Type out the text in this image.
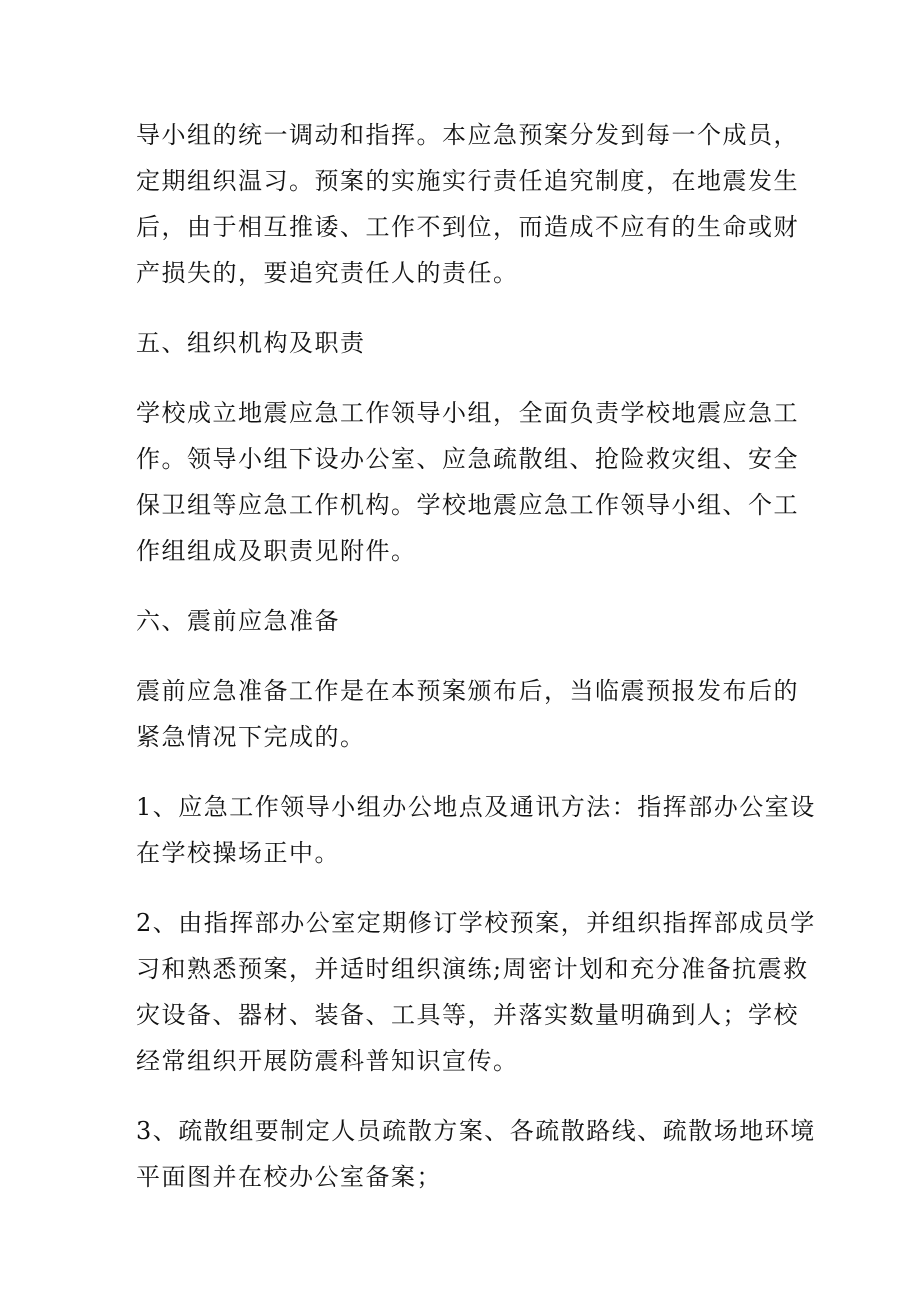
导小组的统一调动和指挥。本应急预案分发到每一个成员，
定期组织温习。预案的实施实行责任追究制度，在地震发生
后，由于相互推诿、工作不到位，而造成不应有的生命或财
产损失的，要追究责任人的责任。

五、组织机构及职责

学校成立地震应急工作领导小组，全面负责学校地震应急工
作。领导小组下设办公室、应急疏散组、抢险救灾组、安全
保卫组等应急工作机构。学校地震应急工作领导小组、个工
作组组成及职责见附件。

六、震前应急准备

震前应急准备工作是在本预案颁布后，当临震预报发布后的
紧急情况下完成的。

1、应急工作领导小组办公地点及通讯方法：指挥部办公室设
在学校操场正中。

2、由指挥部办公室定期修订学校预案，并组织指挥部成员学
习和熟悉预案，并适时组织演练;周密计划和充分准备抗震救
灾设备、器材、装备、工具等，并落实数量明确到人；学校
经常组织开展防震科普知识宣传。

3、疏散组要制定人员疏散方案、各疏散路线、疏散场地环境
平面图并在校办公室备案；
